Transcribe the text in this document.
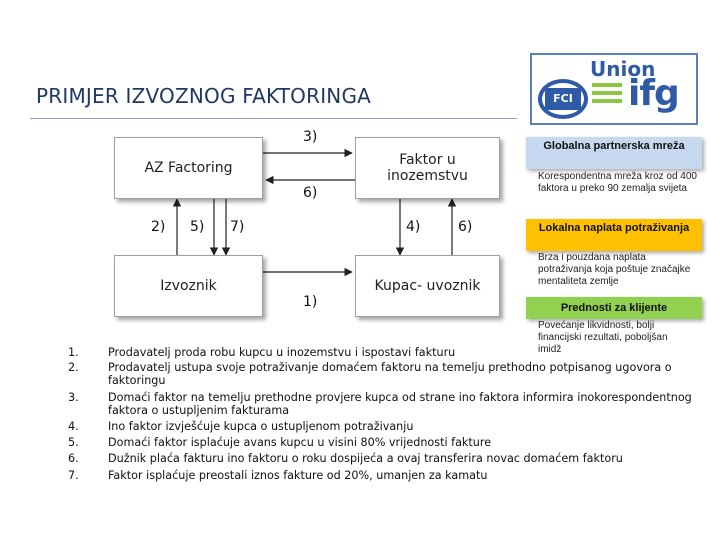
PRIMJER IZVOZNOG FAKTORINGA
Union
FCI ifg
AZ Factoring	Faktor u inozemstvu
Izvoznik	Kupac- uvoznik
3)
6)
2) 5) 7)	4)	6)
1)
Globalna partnerska mreža
Korespondentna mreža kroz od 400 faktora u preko 90 zemalja svijeta
Lokalna naplata potraživanja
Brza i pouzdana naplata potraživanja koja poštuje značajke mentaliteta zemlje
Prednosti za klijente
Povećanje likvidnosti, bolji financijski rezultati, poboljšan imidž
1.	Prodavatelj proda robu kupcu u inozemstvu i ispostavi fakturu
2.	Prodavatelj ustupa svoje potraživanje domaćem faktoru na temelju prethodno potpisanog ugovora o faktoringu
3.	Domaći faktor na temelju prethodne provjere kupca od strane ino faktora informira inokorespondentnog faktora o ustupljenim fakturama
4.	Ino faktor izvješćuje kupca o ustupljenom potraživanju
5.	Domaći faktor isplaćuje avans kupcu u visini 80% vrijednosti fakture
6.	Dužnik plaća fakturu ino faktoru o roku dospijeća a ovaj transferira novac domaćem faktoru
7.	Faktor isplaćuje preostali iznos fakture od 20%, umanjen za kamatu
